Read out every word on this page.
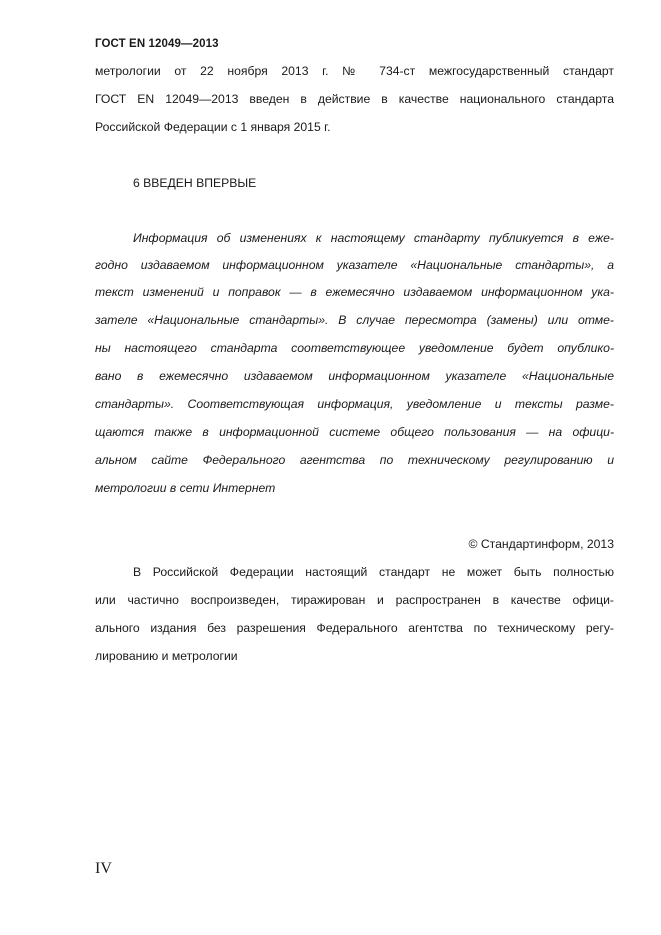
ГОСТ EN 12049—2013
метрологии от 22 ноября 2013 г. № 734-ст межгосударственный стандарт
ГОСТ EN 12049—2013 введен в действие в качестве национального стандарта
Российской Федерации с 1 января 2015 г.
6 ВВЕДЕН ВПЕРВЫЕ
Информация об изменениях к настоящему стандарту публикуется в еже-
годно издаваемом информационном указателе «Национальные стандарты», а
текст изменений и поправок — в ежемесячно издаваемом информационном ука-
зателе «Национальные стандарты». В случае пересмотра (замены) или отме-
ны настоящего стандарта соответствующее уведомление будет опублико-
вано в ежемесячно издаваемом информационном указателе «Национальные
стандарты». Соответствующая информация, уведомление и тексты разме-
щаются также в информационной системе общего пользования — на офици-
альном сайте Федерального агентства по техническому регулированию и
метрологии в сети Интернет
© Стандартинформ, 2013
В Российской Федерации настоящий стандарт не может быть полностью
или частично воспроизведен, тиражирован и распространен в качестве офици-
ального издания без разрешения Федерального агентства по техническому регу-
лированию и метрологии
IV
